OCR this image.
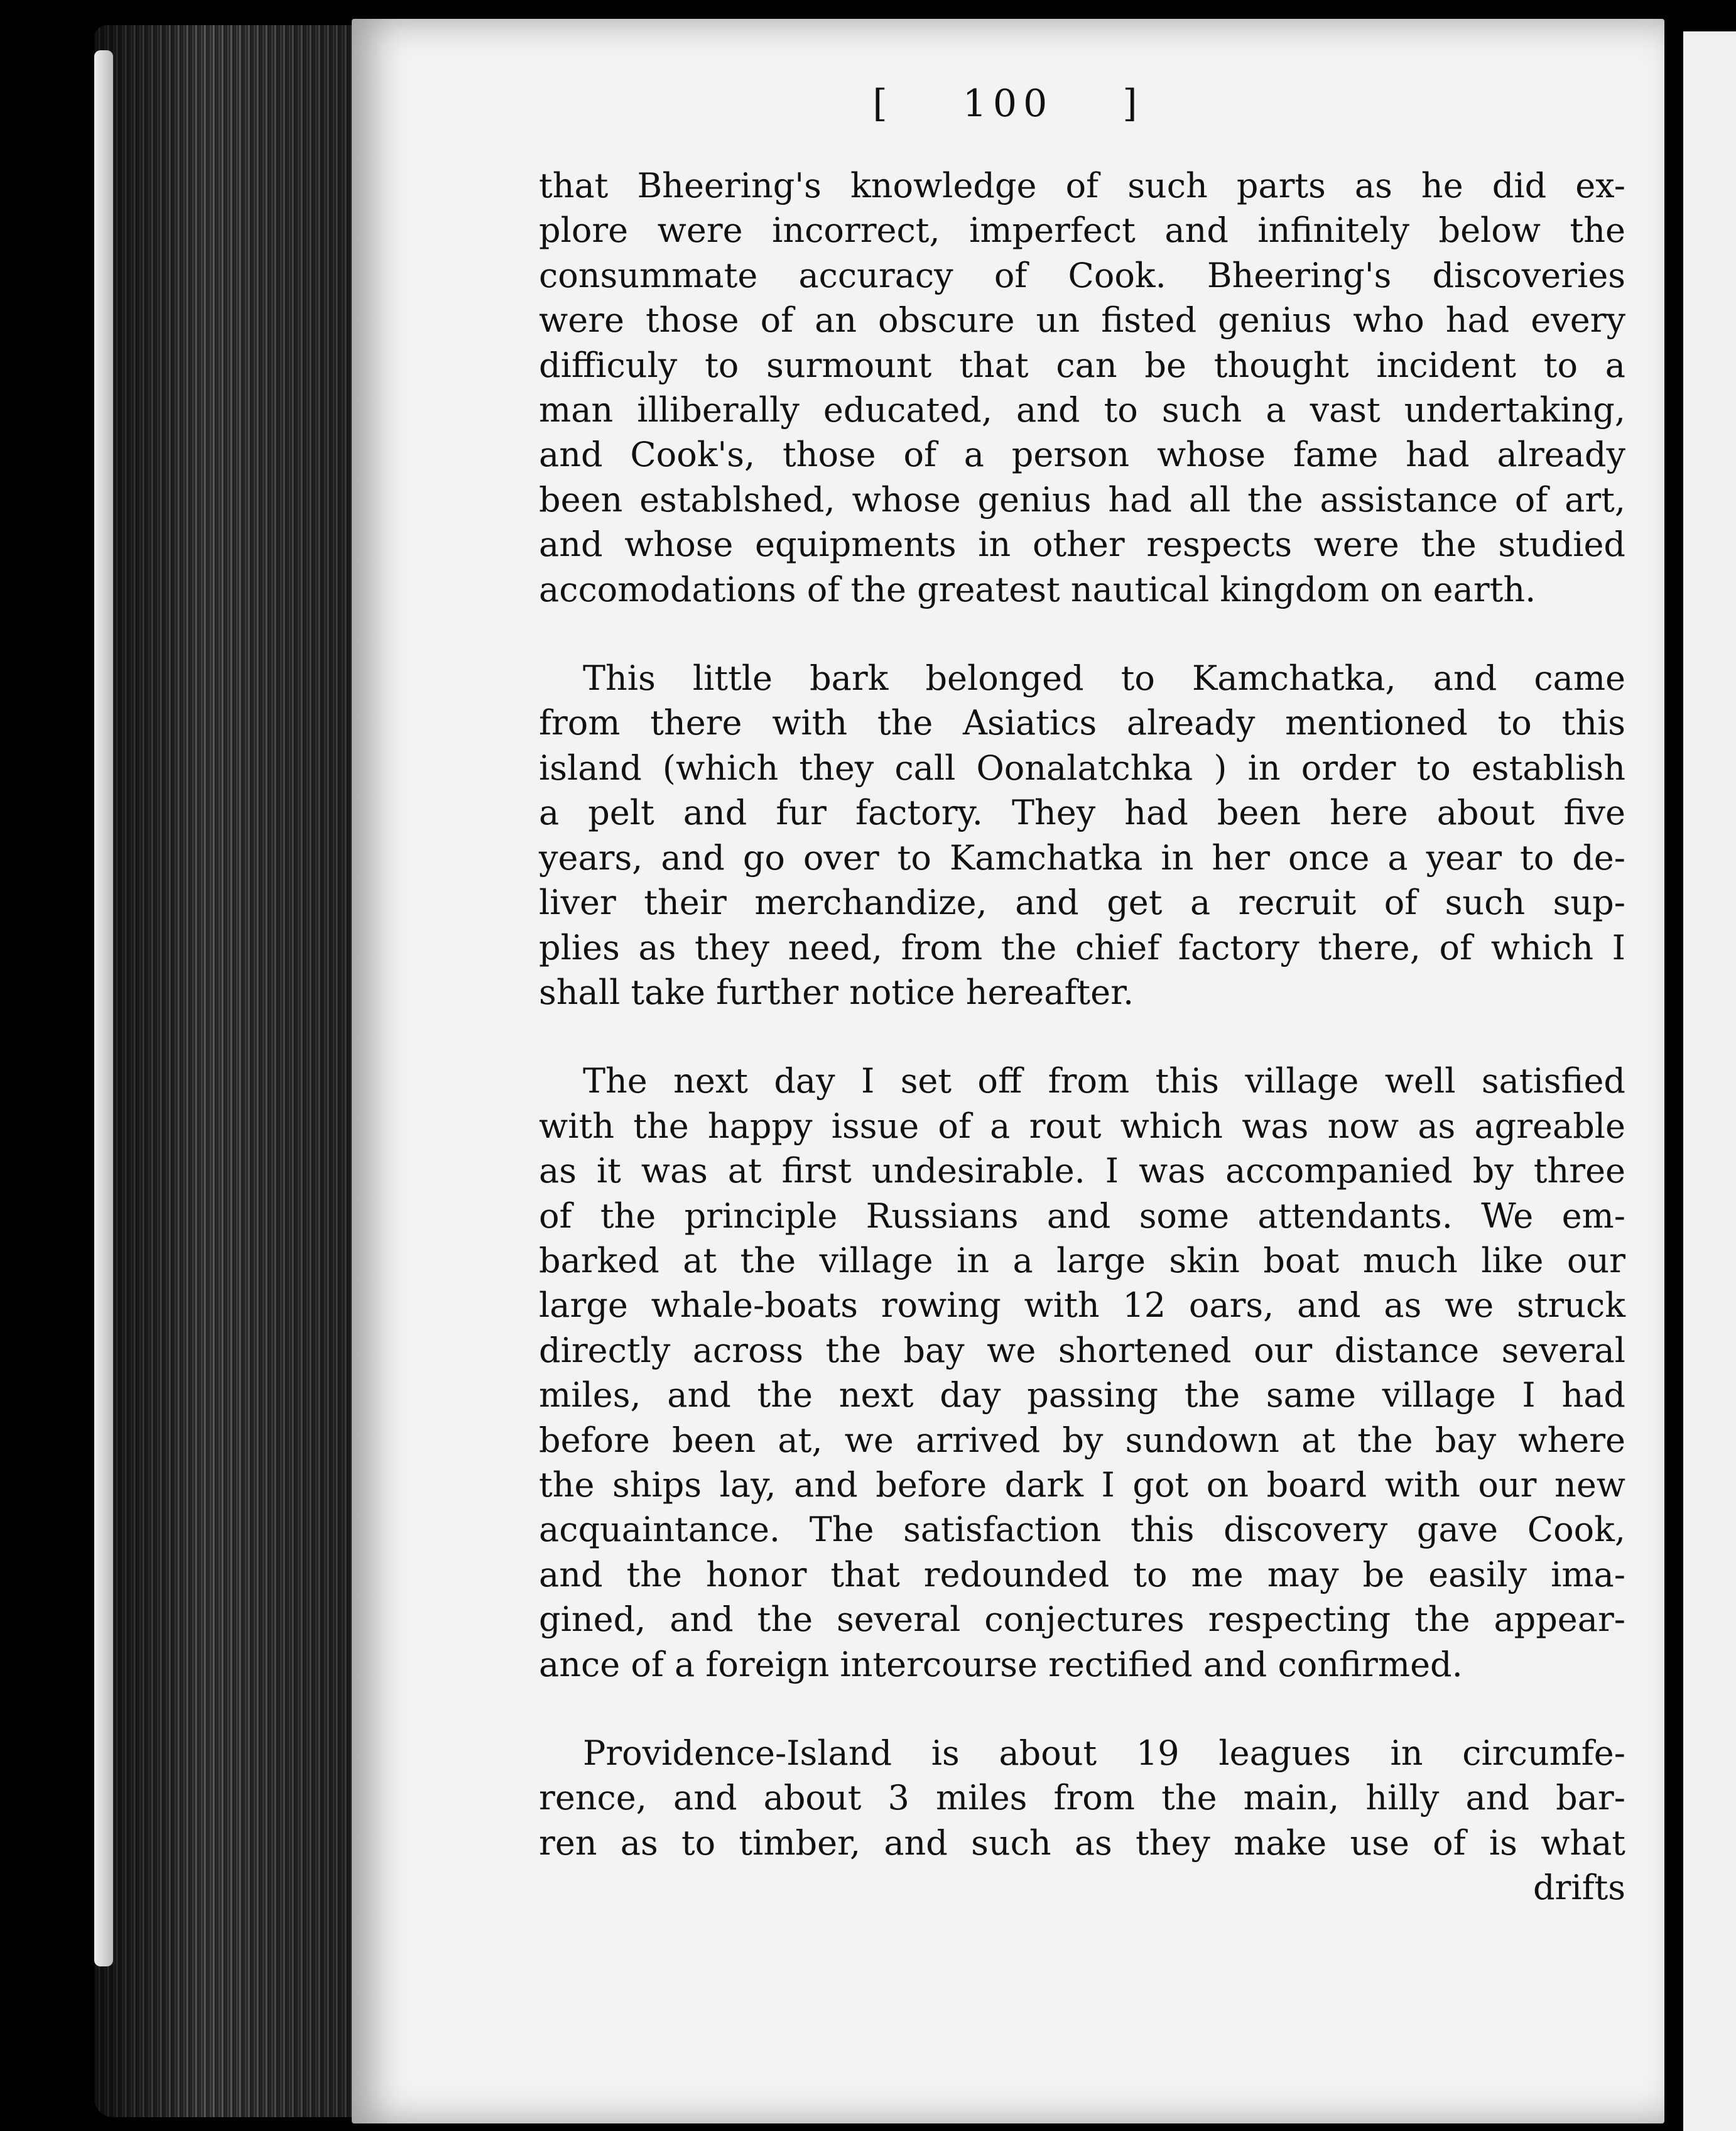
[ 100 ]
that Bheering's knowledge of such parts as he did ex-
plore were incorrect, imperfect and infinitely below the
consummate accuracy of Cook. Bheering's discoveries
were those of an obscure un fisted genius who had every
difficuly to surmount that can be thought incident to a
man illiberally educated, and to such a vast undertaking,
and Cook's, those of a person whose fame had already
been establshed, whose genius had all the assistance of art,
and whose equipments in other respects were the studied
accomodations of the greatest nautical kingdom on earth.
This little bark belonged to Kamchatka, and came
from there with the Asiatics already mentioned to this
island (which they call Oonalatchka ) in order to establish
a pelt and fur factory. They had been here about five
years, and go over to Kamchatka in her once a year to de-
liver their merchandize, and get a recruit of such sup-
plies as they need, from the chief factory there, of which I
shall take further notice hereafter.
The next day I set off from this village well satisfied
with the happy issue of a rout which was now as agreable
as it was at first undesirable. I was accompanied by three
of the principle Russians and some attendants. We em-
barked at the village in a large skin boat much like our
large whale-boats rowing with 12 oars, and as we struck
directly across the bay we shortened our distance several
miles, and the next day passing the same village I had
before been at, we arrived by sundown at the bay where
the ships lay, and before dark I got on board with our new
acquaintance. The satisfaction this discovery gave Cook,
and the honor that redounded to me may be easily ima-
gined, and the several conjectures respecting the appear-
ance of a foreign intercourse rectified and confirmed.
Providence-Island is about 19 leagues in circumfe-
rence, and about 3 miles from the main, hilly and bar-
ren as to timber, and such as they make use of is what
drifts
